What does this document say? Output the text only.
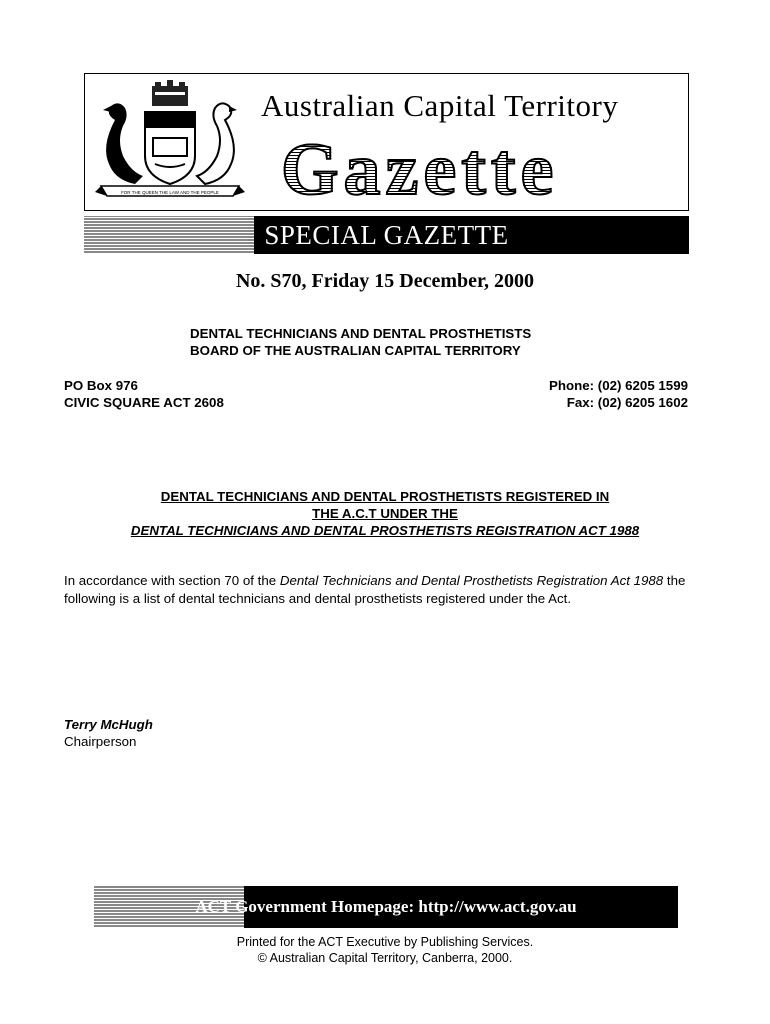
FOR THE QUEEN THE LAW AND THE PEOPLE
Australian Capital Territory
Gazette
SPECIAL GAZETTE
No. S70, Friday 15 December, 2000
DENTAL TECHNICIANS AND DENTAL PROSTHETISTS
BOARD OF THE AUSTRALIAN CAPITAL TERRITORY
PO Box 976
CIVIC SQUARE ACT 2608
Phone: (02) 6205 1599
Fax: (02) 6205 1602
DENTAL TECHNICIANS AND DENTAL PROSTHETISTS REGISTERED IN
THE A.C.T UNDER THE
DENTAL TECHNICIANS AND DENTAL PROSTHETISTS REGISTRATION ACT 1988
In accordance with section 70 of the Dental Technicians and Dental Prosthetists Registration Act 1988 the following is a list of dental technicians and dental prosthetists registered under the Act.
Terry McHugh
Chairperson
ACT Government Homepage: http://www.act.gov.au
Printed for the ACT Executive by Publishing Services.
© Australian Capital Territory, Canberra, 2000.
